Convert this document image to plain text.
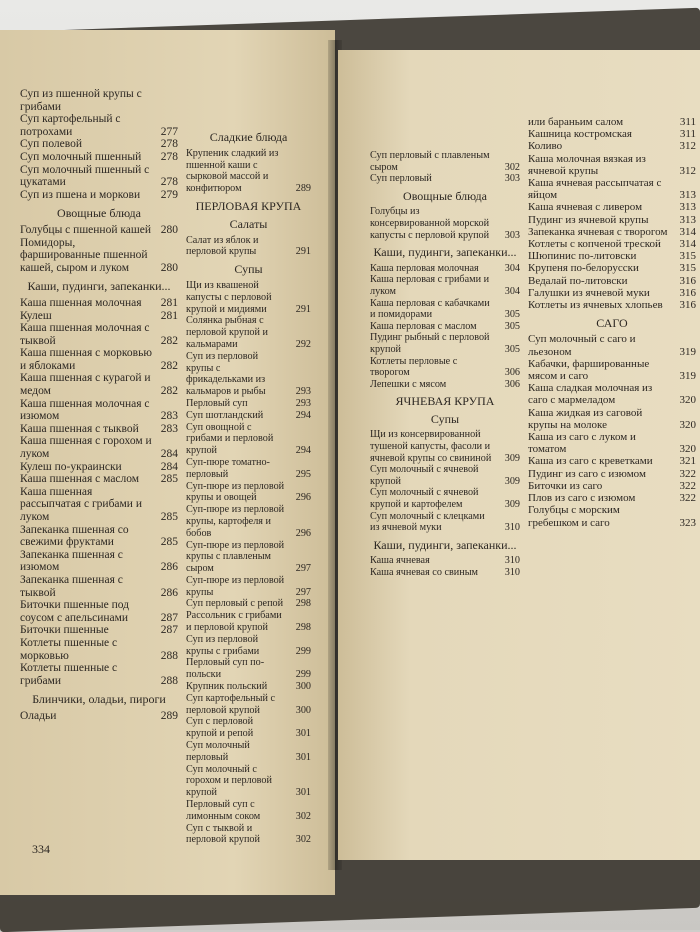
Суп из пшенной крупы с грибами
Суп картофельный с потрохами	277
Суп полевой	278
Суп молочный пшенный	278
Суп молочный пшенный с цукатами	278
Суп из пшена и моркови	279
Овощные блюда
Голубцы с пшенной кашей 280
Помидоры, фаршированные пшенной кашей, сыром и луком	280
Каши, пудинги, запеканки...
Каша пшенная молочная	281
Кулеш	281
Каша пшенная молочная с тыквой	282
Каша пшенная с морковью и яблоками	282
Каша пшенная с курагой и медом	282
Каша пшенная молочная с изюмом	283
Каша пшенная с тыквой	283
Каша пшенная с горохом и луком	284
Кулеш по-украински	284
Каша пшенная с маслом	285
Каша пшенная рассыпчатая с грибами и луком	285
Запеканка пшенная со свежими фруктами	285
Запеканка пшенная с изюмом	286
Запеканка пшенная с тыквой	286
Биточки пшенные под соусом с апельсинами	287
Биточки пшенные	287
Котлеты пшенные с морковью	288
Котлеты пшенные с грибами	288
Блинчики, оладьи, пироги
Оладьи	289
Сладкие блюда
Крупеник сладкий из пшенной каши с сырковой массой и конфитюром	289
ПЕРЛОВАЯ КРУПА
Салаты
Салат из яблок и перловой крупы	291
Супы
Щи из квашеной капусты с перловой крупой и мидиями	291
Солянка рыбная с перловой крупой и кальмарами	292
Суп из перловой крупы с фрикадельками из кальмаров и рыбы	293
Перловый суп	293
Суп шотландский	294
Суп овощной с грибами и перловой крупой	294
Суп-пюре томатно-перловый	295
Суп-пюре из перловой крупы и овощей	296
Суп-пюре из перловой крупы, картофеля и бобов	296
Суп-пюре из перловой крупы с плавленым сыром	297
Суп-пюре из перловой крупы	297
Суп перловый с репой	298
Рассольник с грибами и перловой крупой	298
Суп из перловой крупы с грибами	299
Перловый суп по-польски	299
Крупник польский	300
Суп картофельный с перловой крупой	300
Суп с перловой крупой и репой	301
Суп молочный перловый	301
Суп молочный с горохом и перловой крупой	301
Перловый суп с лимонным соком	302
Суп с тыквой и перловой крупой	302
334
Суп перловый с плавленым сыром	302
Суп перловый	303
Овощные блюда
Голубцы из консервированной морской капусты с перловой крупой	303
Каши, пудинги, запеканки...
Каша перловая молочная	304
Каша перловая с грибами и луком	304
Каша перловая с кабачками и помидорами	305
Каша перловая с маслом	305
Пудинг рыбный с перловой крупой	305
Котлеты перловые с творогом	306
Лепешки с мясом	306
ЯЧНЕВАЯ КРУПА
Супы
Щи из консервированной тушеной капусты, фасоли и ячневой крупы со свининой	309
Суп молочный с ячневой крупой	309
Суп молочный с ячневой крупой и картофелем	309
Суп молочный с клецками из ячневой муки	310
Каши, пудинги, запеканки...
Каша ячневая	310
Каша ячневая со свиным	310
или бараньим салом	311
Кашница костромская	311
Коливо	312
Каша молочная вязкая из ячневой крупы	312
Каша ячневая рассыпчатая с яйцом	313
Каша ячневая с ливером	313
Пудинг из ячневой крупы	313
Запеканка ячневая с творогом	314
Котлеты с копченой треской	314
Шюпинис по-литовски	315
Крупеня по-белорусски	315
Ведалай по-литовски	316
Галушки из ячневой муки	316
Котлеты из ячневых хлопьев	316
САГО
Суп молочный с саго и льезоном	319
Кабачки, фаршированные мясом и саго	319
Каша сладкая молочная из саго с мармеладом	320
Каша жидкая из саговой крупы на молоке	320
Каша из саго с луком и томатом	320
Каша из саго с креветками	321
Пудинг из саго с изюмом	322
Биточки из саго	322
Плов из саго с изюмом	322
Голубцы с морским гребешком и саго	323
